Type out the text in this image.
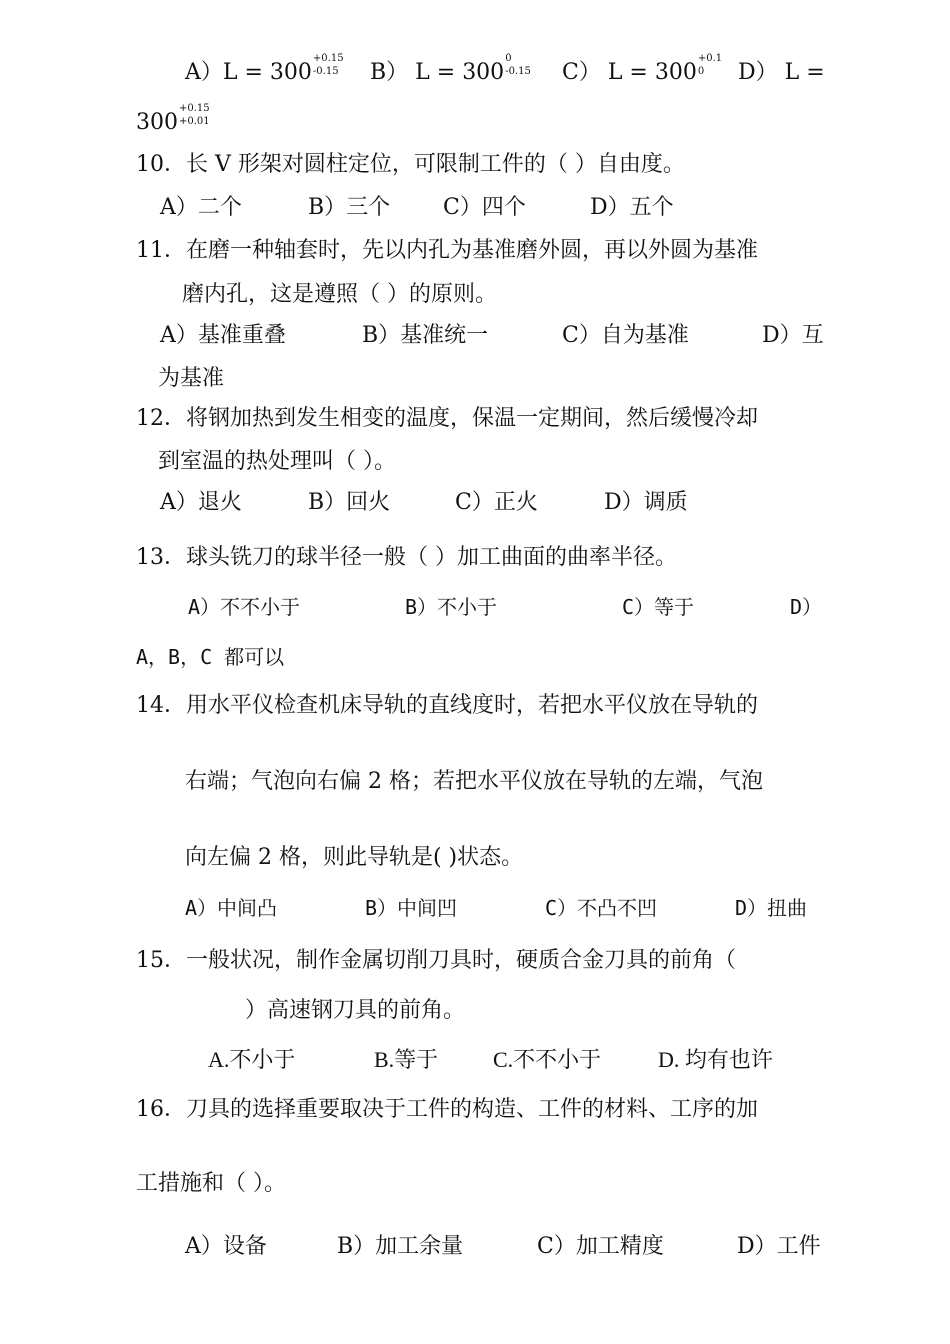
A）L = 300
+0.15
-0.15 B） L = 300
0
-0.15 C） L = 300
+0.1
0 D） L =
300
+0.15
+0.01
10．长 V 形架对圆柱定位，可限制工件的（ ）自由度。
A）二个	B）三个 C）四个	D）五个
11．在磨一种轴套时，先以内孔为基准磨外圆，再以外圆为基准
磨内孔，这是遵照（ ）的原则。
A）基准重叠	B）基准统一	C）自为基准	D）互
为基准
12．将钢加热到发生相变的温度，保温一定期间，然后缓慢冷却
到室温的热处理叫（ ）。
A）退火	B）回火	C）正火	D）调质
13．球头铣刀的球半径一般（ ）加工曲面的曲率半径。
A）不不小于	B）不小于	C）等于	D）
A，B，C 都可以
14．用水平仪检查机床导轨的直线度时，若把水平仪放在导轨的
右端；气泡向右偏 2 格；若把水平仪放在导轨的左端，气泡
向左偏 2 格，则此导轨是( )状态。
A）中间凸	B）中间凹	C）不凸不凹	D）扭曲
15．一般状况，制作金属切削刀具时，硬质合金刀具的前角（
）高速钢刀具的前角。
A.不小于	B.等于 C.不不小于	D. 均有也许
16．刀具的选择重要取决于工件的构造、工件的材料、工序的加
工措施和（ ）。
A）设备	B）加工余量	C）加工精度	D）工件
